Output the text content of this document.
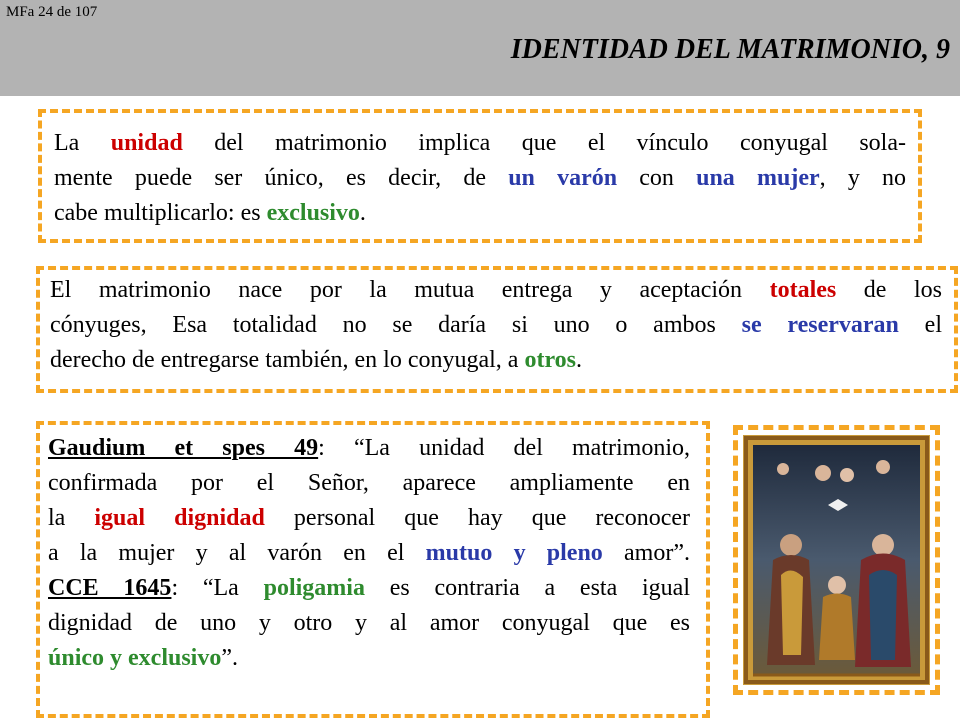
MFa 24 de 107
IDENTIDAD DEL MATRIMONIO, 9

La unidad del matrimonio implica que el vínculo conyugal sola-

mente puede ser único, es decir, de un varón con una mujer, y no

cabe multiplicarlo: es exclusivo.

El matrimonio nace por la mutua entrega y aceptación totales de los

cónyuges, Esa totalidad no se daría si uno o ambos se reservaran el

derecho de entregarse también, en lo conyugal, a otros.

Gaudium et spes 49: “La unidad del matrimonio,

confirmada por el Señor, aparece ampliamente en

la igual dignidad personal que hay que reconocer

a la mujer y al varón en el mutuo y pleno amor”.

CCE 1645: “La poligamia es contraria a esta igual

dignidad de uno y otro y al amor conyugal que es

único y exclusivo”.
